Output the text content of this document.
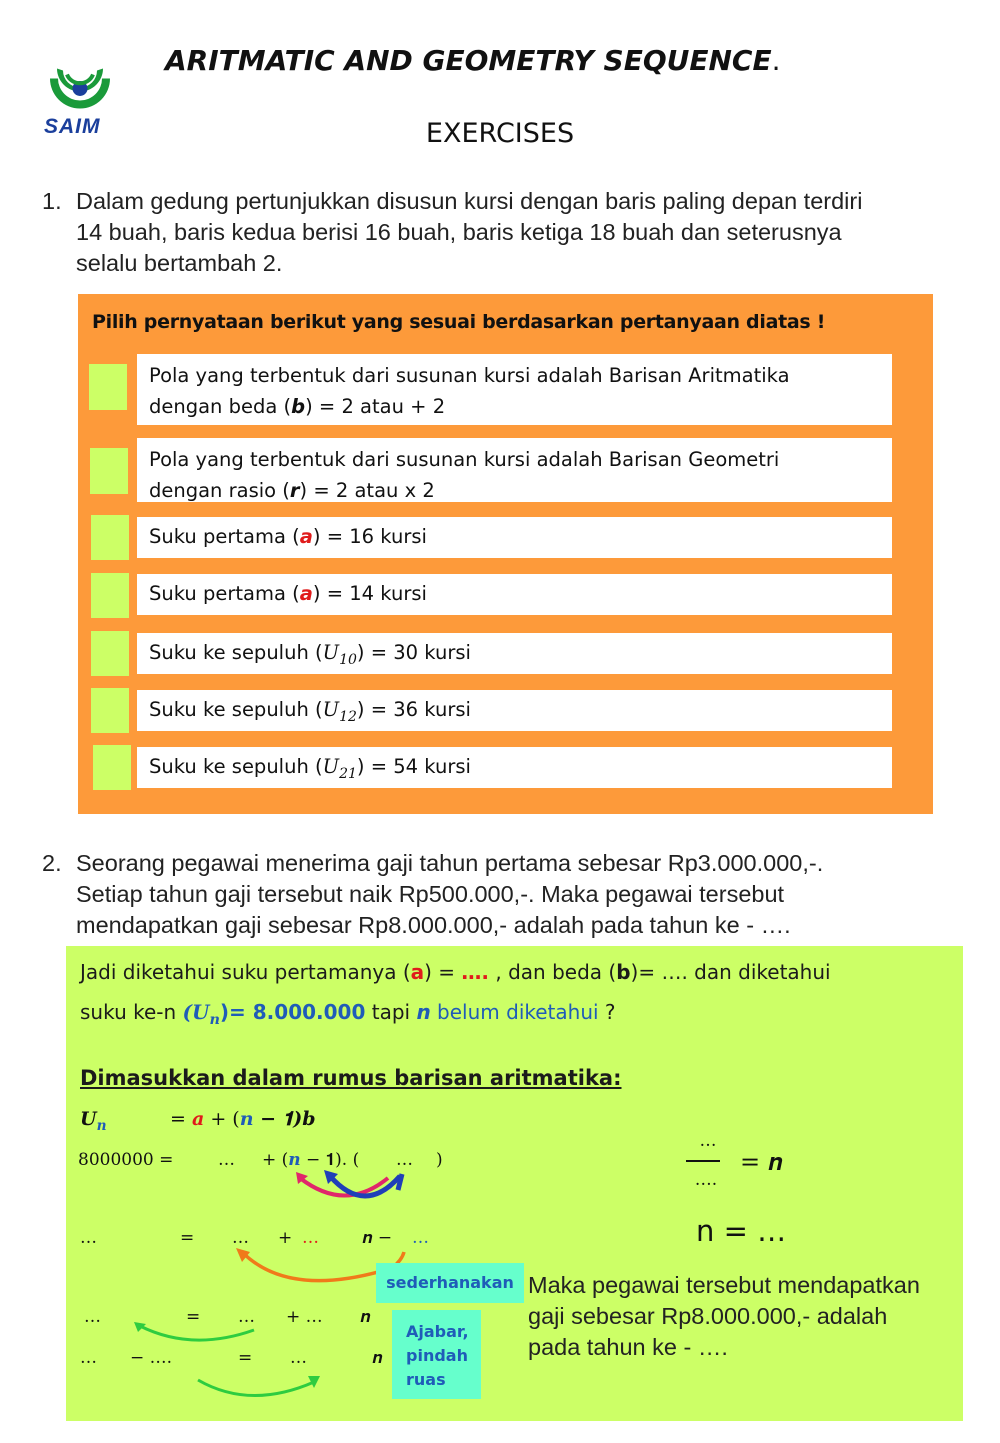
SAIM
ARITMATIC AND GEOMETRY SEQUENCE.
EXERCISES
1. Dalam gedung pertunjukkan disusun kursi dengan baris paling depan terdiri
14 buah, baris kedua berisi 16 buah, baris ketiga 18 buah dan seterusnya
selalu bertambah 2.
Pilih pernyataan berikut yang sesuai berdasarkan pertanyaan diatas !
Pola yang terbentuk dari susunan kursi adalah Barisan Aritmatika
dengan beda (b) = 2 atau + 2
Pola yang terbentuk dari susunan kursi adalah Barisan Geometri
dengan rasio (r) = 2 atau x 2
Suku pertama (a) = 16 kursi
Suku pertama (a) = 14 kursi
Suku ke sepuluh $(U_{10}) = 30$ kursi
Suku ke sepuluh $(U_{12}) = 36$ kursi
Suku ke sepuluh $(U_{21}) = 54$ kursi
2. Seorang pegawai menerima gaji tahun pertama sebesar Rp3.000.000,-.
Setiap tahun gaji tersebut naik Rp500.000,-. Maka pegawai tersebut
mendapatkan gaji sebesar Rp8.000.000,- adalah pada tahun ke - ….
Jadi diketahui suku pertamanya (a) = …. , dan beda (b)= …. dan diketahui
suku ke-n $(U_n)= 8.000.000$ tapi n belum diketahui ?
Dimasukkan dalam rumus barisan aritmatika:
$U_n$	= a + (n − 𝟏)𝒃
8000000 =	… + (n − 𝟏). ( … )
…
….
= 𝒏
…	= … + …	𝒏 − …	n = …
sederhanakan
Ajabar,
pindah
ruas
…	= … + … 𝒏
… − ….	= …	𝒏
Maka pegawai tersebut mendapatkan
gaji sebesar Rp8.000.000,- adalah
pada tahun ke - ….
